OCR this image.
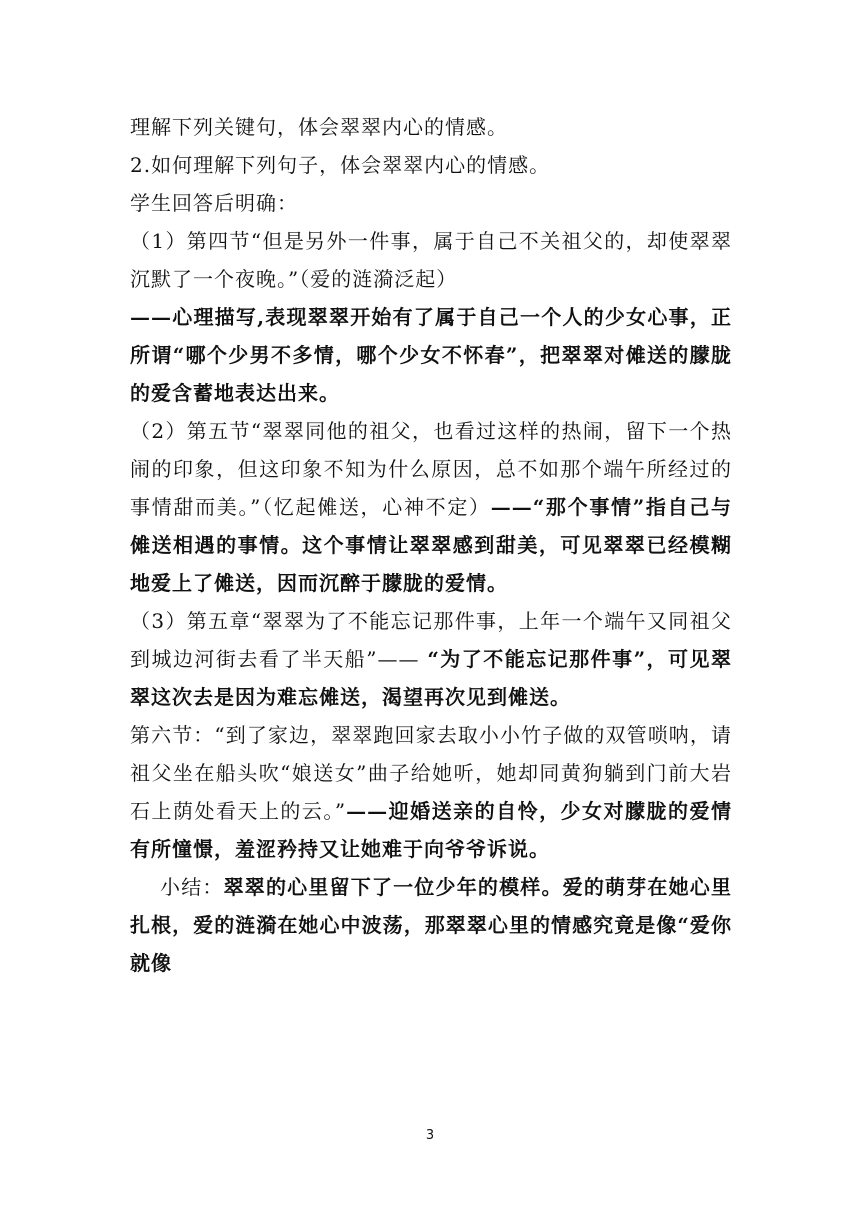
理解下列关键句，体会翠翠内心的情感。

2.如何理解下列句子，体会翠翠内心的情感。

学生回答后明确：

（1）第四节“但是另外一件事，属于自己不关祖父的，却使翠翠沉默了一个夜晚。”（爱的涟漪泛起）

——心理描写,表现翠翠开始有了属于自己一个人的少女心事，正所谓“哪个少男不多情，哪个少女不怀春”，把翠翠对傩送的朦胧的爱含蓄地表达出来。

（2）第五节“翠翠同他的祖父，也看过这样的热闹，留下一个热闹的印象，但这印象不知为什么原因，总不如那个端午所经过的事情甜而美。”（忆起傩送，心神不定）——“那个事情”指自己与傩送相遇的事情。这个事情让翠翠感到甜美，可见翠翠已经模糊地爱上了傩送，因而沉醉于朦胧的爱情。

（3）第五章“翠翠为了不能忘记那件事，上年一个端午又同祖父到城边河街去看了半天船”—— “为了不能忘记那件事”，可见翠翠这次去是因为难忘傩送，渴望再次见到傩送。

第六节：“到了家边，翠翠跑回家去取小小竹子做的双管唢呐，请祖父坐在船头吹“娘送女”曲子给她听，她却同黄狗躺到门前大岩石上荫处看天上的云。”——迎婚送亲的自怜，少女对朦胧的爱情有所憧憬，羞涩矜持又让她难于向爷爷诉说。

小结：翠翠的心里留下了一位少年的模样。爱的萌芽在她心里扎根，爱的涟漪在她心中波荡，那翠翠心里的情感究竟是像“爱你就像

3
